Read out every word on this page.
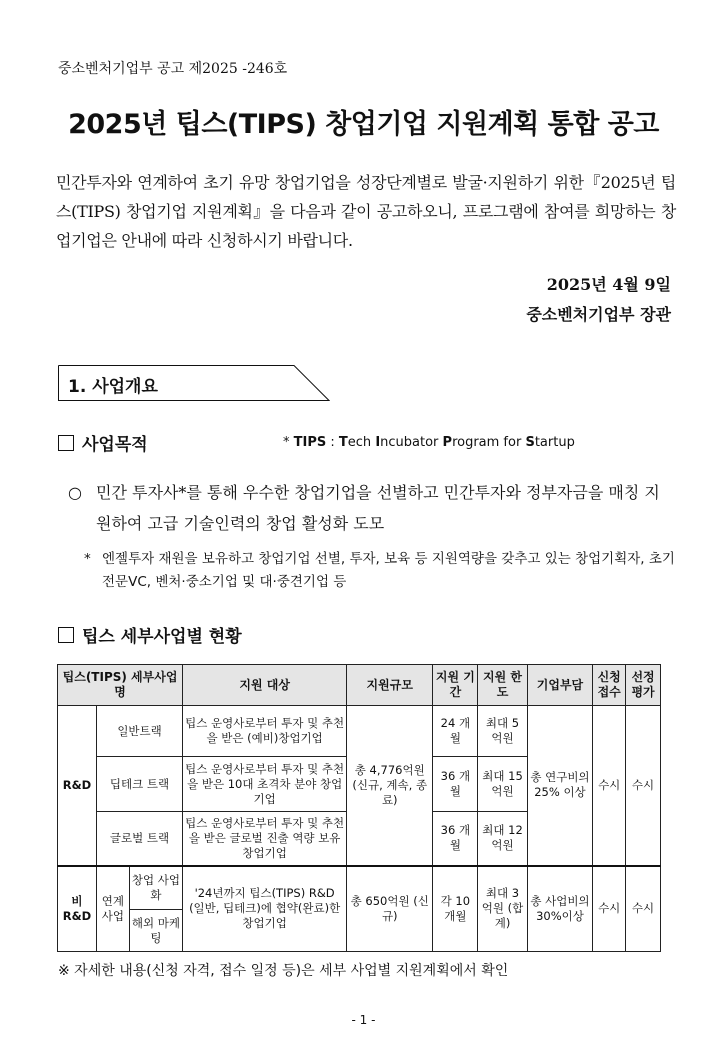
중소벤처기업부 공고 제2025 -246호
2025년 팁스(TIPS) 창업기업 지원계획 통합 공고
민간투자와 연계하여 초기 유망 창업기업을 성장단계별로 발굴·지원하기 위한『2025년 팁스(TIPS) 창업기업 지원계획』을 다음과 같이 공고하오니, 프로그램에 참여를 희망하는 창업기업은 안내에 따라 신청하시기 바랍니다.
2025년 4월 9일
중소벤처기업부 장관
1. 사업개요
사업목적	* TIPS : Tech Incubator Program for Startup
○ 민간 투자사*를 통해 우수한 창업기업을 선별하고 민간투자와 정부자금을 매칭 지원하여 고급 기술인력의 창업 활성화 도모
* 엔젤투자 재원을 보유하고 창업기업 선별, 투자, 보육 등 지원역량을 갖추고 있는 창업기획자, 초기전문VC, 벤처·중소기업 및 대·중견기업 등
팁스 세부사업별 현황
팁스(TIPS) 세부사업명			지원 대상	지원규모	지원 기간	지원 한도	기업부담	신청 접수	선정 평가
R&D	일반트랙		팁스 운영사로부터 투자 및 추천을 받은 (예비)창업기업	총 4,776억원 (신규, 계속, 종료)	24 개월	최대 5억원	총 연구비의 25% 이상	수시	수시
	딥테크 트랙		팁스 운영사로부터 투자 및 추천을 받은 10대 초격차 분야 창업기업		36 개월	최대 15억원			
	글로벌 트랙		팁스 운영사로부터 투자 및 추천을 받은 글로벌 진출 역량 보유 창업기업		36 개월	최대 12억원			
비 R&D	연계 사업	창업 사업화	'24년까지 팁스(TIPS) R&D (일반, 딥테크)에 협약(완료)한 창업기업	총 650억원 (신규)	각 10 개월	최대 3억원 (합계)	총 사업비의 30%이상	수시	수시
		해외 마케팅							
※ 자세한 내용(신청 자격, 접수 일정 등)은 세부 사업별 지원계획에서 확인
- 1 -
